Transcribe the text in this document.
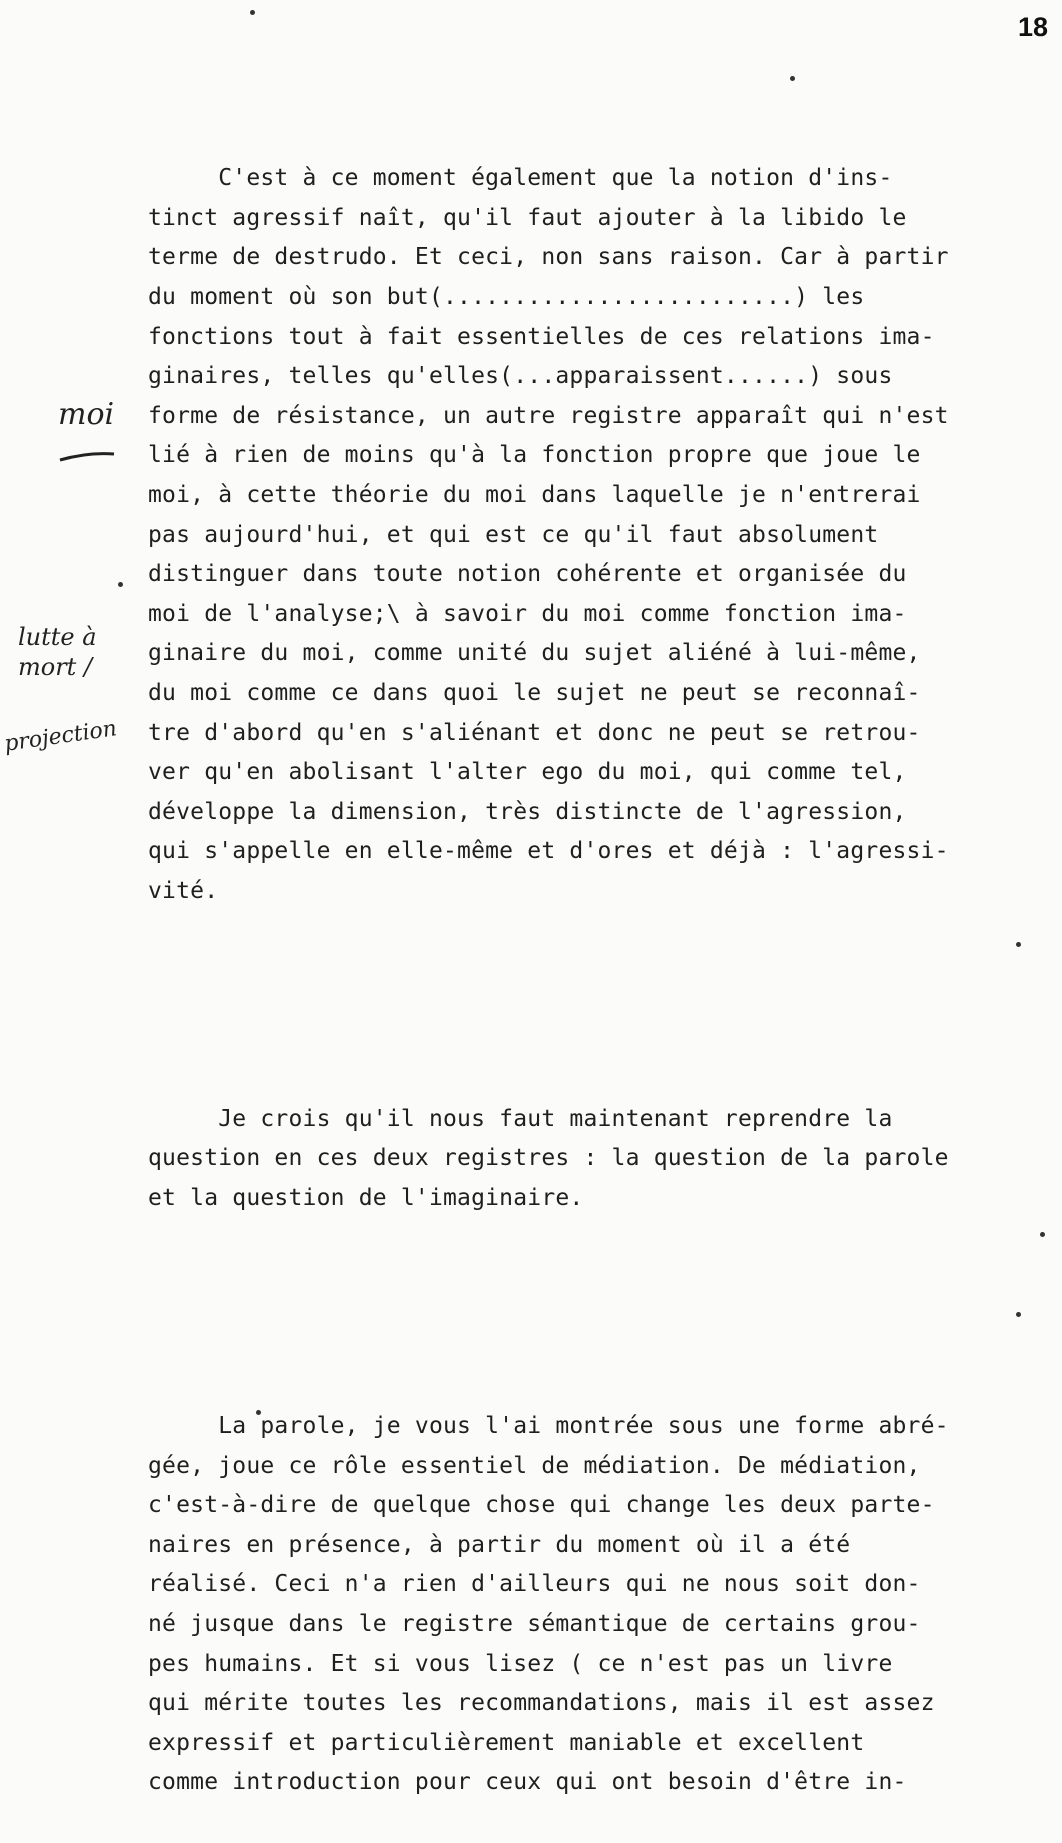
18
moi
lutte à
mort /
projection

C'est à ce moment également que la notion d'ins-
tinct agressif naît, qu'il faut ajouter à la libido le
terme de destrudo. Et ceci, non sans raison. Car à partir
du moment où son but(.........................) les
fonctions tout à fait essentielles de ces relations ima-
ginaires, telles qu'elles(...apparaissent......) sous
forme de résistance, un autre registre apparaît qui n'est
lié à rien de moins qu'à la fonction propre que joue le
moi, à cette théorie du moi dans laquelle je n'entrerai
pas aujourd'hui, et qui est ce qu'il faut absolument
distinguer dans toute notion cohérente et organisée du
moi de l'analyse;\ à savoir du moi comme fonction ima-
ginaire du moi, comme unité du sujet aliéné à lui-même,
du moi comme ce dans quoi le sujet ne peut se reconnaî-
tre d'abord qu'en s'aliénant et donc ne peut se retrou-
ver qu'en abolisant l'alter ego du moi, qui comme tel,
développe la dimension, très distincte de l'agression,
qui s'appelle en elle-même et d'ores et déjà : l'agressi-
vité.

Je crois qu'il nous faut maintenant reprendre la
question en ces deux registres : la question de la parole
et la question de l'imaginaire.

La parole, je vous l'ai montrée sous une forme abré-
gée, joue ce rôle essentiel de médiation. De médiation,
c'est-à-dire de quelque chose qui change les deux parte-
naires en présence, à partir du moment où il a été
réalisé. Ceci n'a rien d'ailleurs qui ne nous soit don-
né jusque dans le registre sémantique de certains grou-
pes humains. Et si vous lisez ( ce n'est pas un livre
qui mérite toutes les recommandations, mais il est assez
expressif et particulièrement maniable et excellent
comme introduction pour ceux qui ont besoin d'être in-
